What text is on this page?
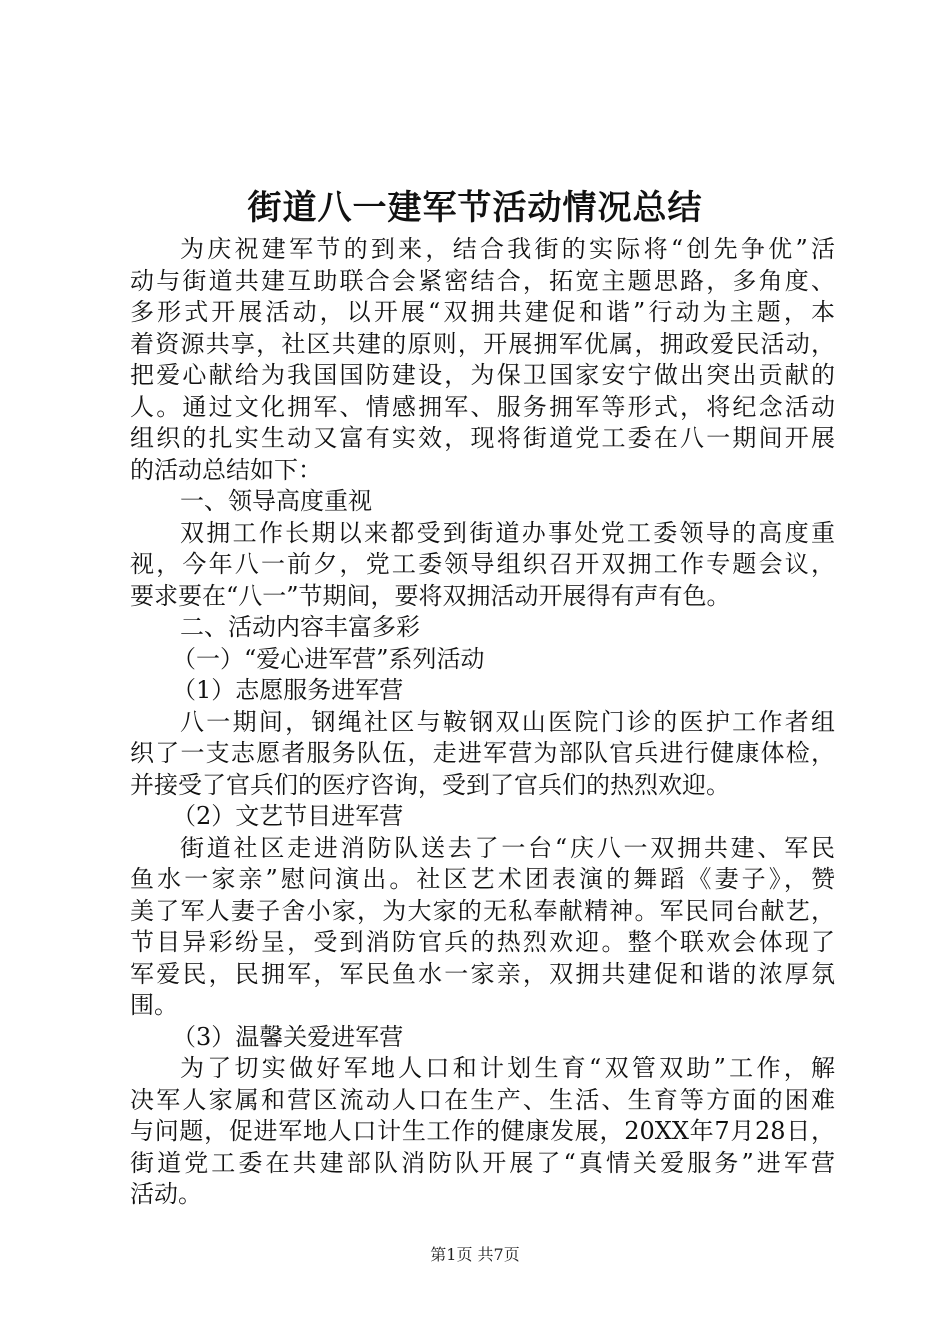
街道八一建军节活动情况总结
为庆祝建军节的到来，结合我街的实际将“创先争优”活
动与街道共建互助联合会紧密结合，拓宽主题思路，多角度、
多形式开展活动，以开展“双拥共建促和谐”行动为主题，本
着资源共享，社区共建的原则，开展拥军优属，拥政爱民活动，
把爱心献给为我国国防建设，为保卫国家安宁做出突出贡献的
人。通过文化拥军、情感拥军、服务拥军等形式，将纪念活动
组织的扎实生动又富有实效，现将街道党工委在八一期间开展
的活动总结如下：
一、领导高度重视
双拥工作长期以来都受到街道办事处党工委领导的高度重
视，今年八一前夕，党工委领导组织召开双拥工作专题会议，
要求要在“八一”节期间，要将双拥活动开展得有声有色。
二、活动内容丰富多彩
（一）“爱心进军营”系列活动
（1）志愿服务进军营
八一期间，钢绳社区与鞍钢双山医院门诊的医护工作者组
织了一支志愿者服务队伍，走进军营为部队官兵进行健康体检，
并接受了官兵们的医疗咨询，受到了官兵们的热烈欢迎。
（2）文艺节目进军营
街道社区走进消防队送去了一台“庆八一双拥共建、军民
鱼水一家亲”慰问演出。社区艺术团表演的舞蹈《妻子》，赞
美了军人妻子舍小家，为大家的无私奉献精神。军民同台献艺，
节目异彩纷呈，受到消防官兵的热烈欢迎。整个联欢会体现了
军爱民，民拥军，军民鱼水一家亲，双拥共建促和谐的浓厚氛
围。
（3）温馨关爱进军营
为了切实做好军地人口和计划生育“双管双助”工作，解
决军人家属和营区流动人口在生产、生活、生育等方面的困难
与问题，促进军地人口计生工作的健康发展，20XX年7月28日，
街道党工委在共建部队消防队开展了“真情关爱服务”进军营
活动。
第1页 共7页
